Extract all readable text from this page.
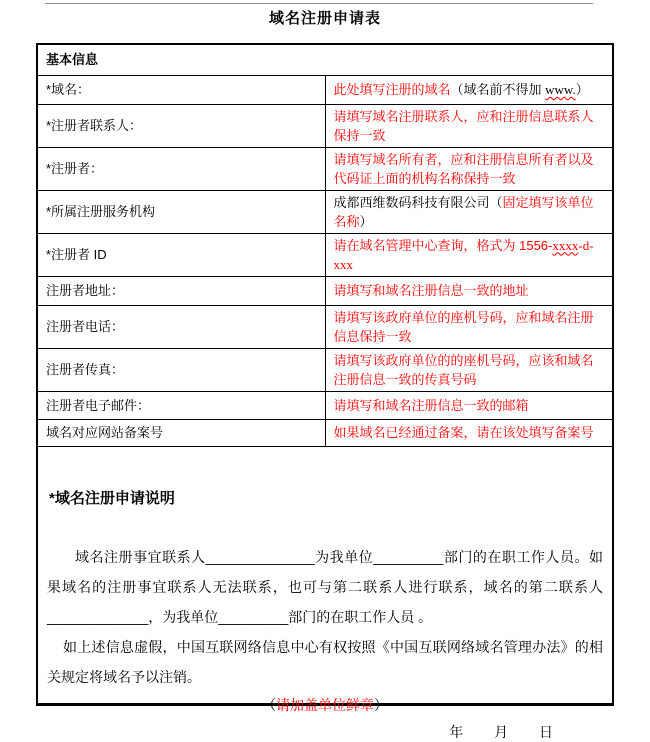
域名注册申请表
基本信息	
*域名：	此处填写注册的域名（域名前不得加 www.）
*注册者联系人：	请填写域名注册联系人，应和注册信息联系人保持一致
*注册者：	请填写域名所有者，应和注册信息所有者以及代码证上面的机构名称保持一致
*所属注册服务机构	成都西维数码科技有限公司（固定填写该单位名称）
*注册者 ID	请在域名管理中心查询，格式为 1556-xxxx-d-xxx
注册者地址：	请填写和域名注册信息一致的地址
注册者电话：	请填写该政府单位的座机号码，应和域名注册信息保持一致
注册者传真：	请填写该政府单位的的座机号码，应该和域名注册信息一致的传真号码
注册者电子邮件：	请填写和域名注册信息一致的邮箱
域名对应网站备案号	如果域名已经通过备案，请在该处填写备案号
*域名注册申请说明

域名注册事宜联系人______________为我单位_________部门的在职工作人员。如果域名的注册事宜联系人无法联系，也可与第二联系人进行联系，域名的第二联系人_____________，为我单位_________部门的在职工作人员 。

如上述信息虚假，中国互联网络信息中心有权按照《中国互联网络域名管理办法》的相关规定将域名予以注销。

（请加盖单位鲜章）
年 月 日
